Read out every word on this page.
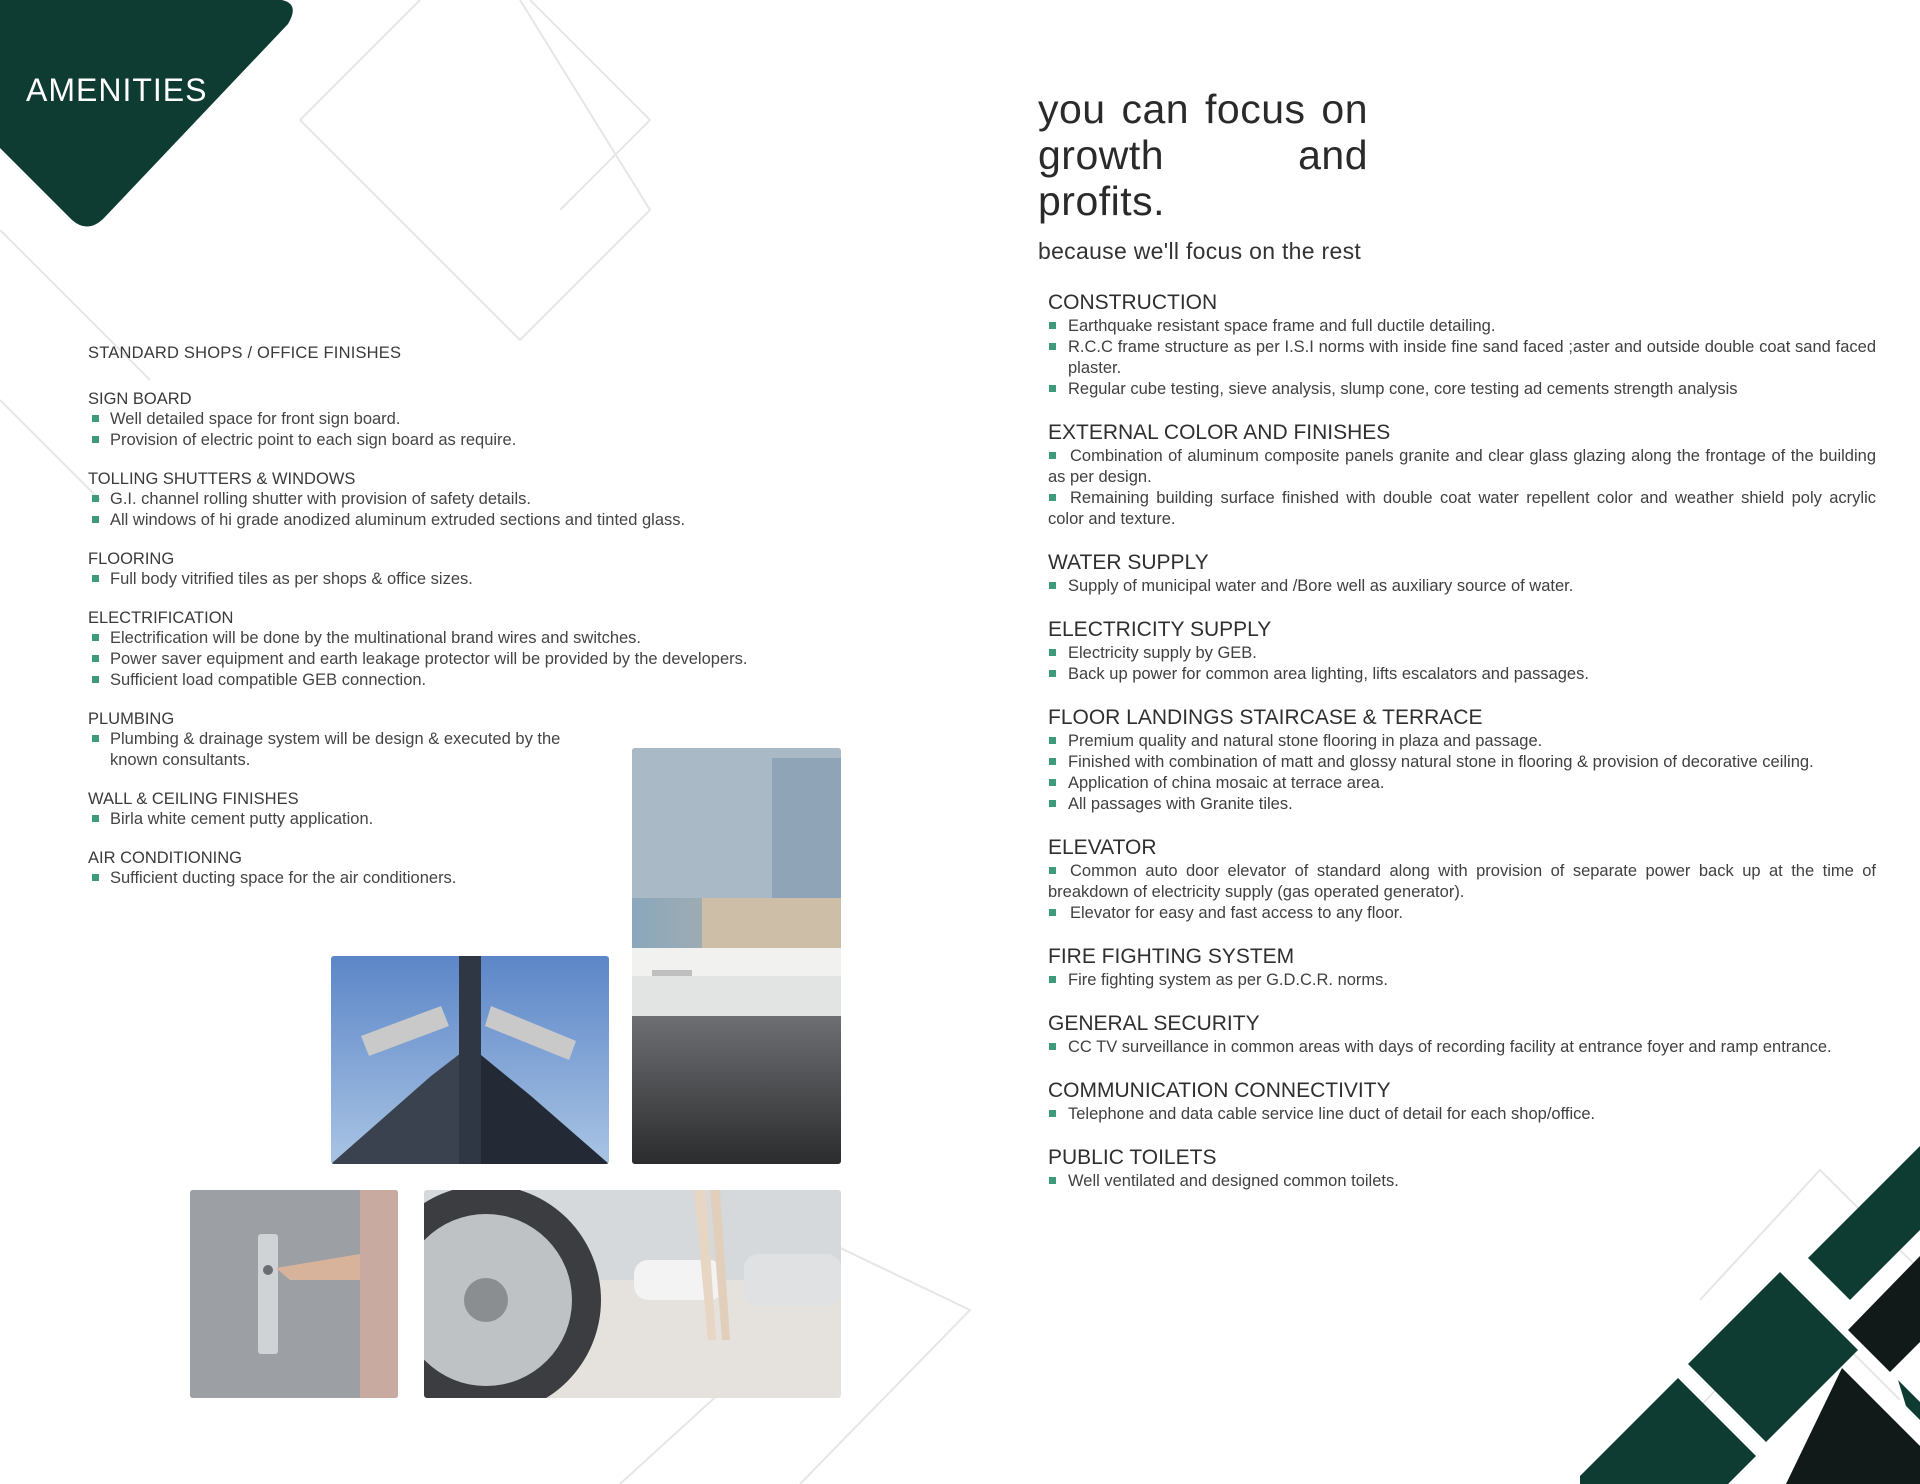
AMENITIES	you can focus on
growth and profits.
because we'll focus on the rest
STANDARD SHOPS / OFFICE FINISHES
SIGN BOARD
Well detailed space for front sign board.
Provision of electric point to each sign board as require.
TOLLING SHUTTERS & WINDOWS
G.I. channel rolling shutter with provision of safety details.
All windows of hi grade anodized aluminum extruded sections and tinted glass.
FLOORING
Full body vitrified tiles as per shops & office sizes.
ELECTRIFICATION
Electrification will be done by the multinational brand wires and switches.
Power saver equipment and earth leakage protector will be provided by the developers.
Sufficient load compatible GEB connection.
PLUMBING
Plumbing & drainage system will be design & executed by the known consultants.
WALL & CEILING FINISHES
Birla white cement putty application.
AIR CONDITIONING
Sufficient ducting space for the air conditioners.
CONSTRUCTION
Earthquake resistant space frame and full ductile detailing.
R.C.C frame structure as per I.S.I norms with inside fine sand faced ;aster and outside double coat sand faced plaster.
Regular cube testing, sieve analysis, slump cone, core testing ad cements strength analysis
EXTERNAL COLOR AND FINISHES
Combination of aluminum composite panels granite and clear glass glazing along the frontage of the building as per design.
Remaining building surface finished with double coat water repellent color and weather shield poly acrylic color and texture.
WATER SUPPLY
Supply of municipal water and /Bore well as auxiliary source of water.
ELECTRICITY SUPPLY
Electricity supply by GEB.
Back up power for common area lighting, lifts escalators and passages.
FLOOR LANDINGS STAIRCASE & TERRACE
Premium quality and natural stone flooring in plaza and passage.
Finished with combination of matt and glossy natural stone in flooring & provision of decorative ceiling.
Application of china mosaic at terrace area.
All passages with Granite tiles.
ELEVATOR
Common auto door elevator of standard along with provision of separate power back up at the time of breakdown of electricity supply (gas operated generator).
Elevator for easy and fast access to any floor.
FIRE FIGHTING SYSTEM
Fire fighting system as per G.D.C.R. norms.
GENERAL SECURITY
CC TV surveillance in common areas with days of recording facility at entrance foyer and ramp entrance.
COMMUNICATION CONNECTIVITY
Telephone and data cable service line duct of detail for each shop/office.
PUBLIC TOILETS
Well ventilated and designed common toilets.
